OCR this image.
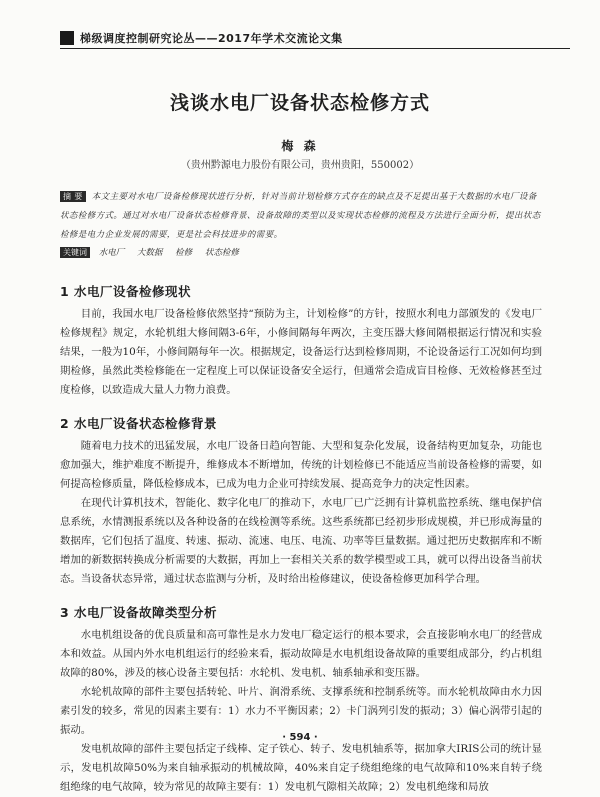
梯级调度控制研究论丛——2017年学术交流论文集
浅谈水电厂设备状态检修方式
梅 森
（贵州黔源电力股份有限公司，贵州贵阳，550002）
摘 要 本文主要对水电厂设备检修现状进行分析，针对当前计划检修方式存在的缺点及不足提出基于大数据的水电厂设备状态检修方式。通过对水电厂设备状态检修背景、设备故障的类型以及实现状态检修的流程及方法进行全面分析，提出状态检修是电力企业发展的需要，更是社会科技进步的需要。
关键词 水电厂 大数据 检修 状态检修
1 水电厂设备检修现状

目前，我国水电厂设备检修依然坚持“预防为主，计划检修”的方针，按照水利电力部颁发的《发电厂检修规程》规定，水轮机组大修间隔3-6年，小修间隔每年两次，主变压器大修间隔根据运行情况和实验结果，一般为10年，小修间隔每年一次。根据规定，设备运行达到检修周期，不论设备运行工况如何均到期检修，虽然此类检修能在一定程度上可以保证设备安全运行，但通常会造成盲目检修、无效检修甚至过度检修，以致造成大量人力物力浪费。

2 水电厂设备状态检修背景

随着电力技术的迅猛发展，水电厂设备日趋向智能、大型和复杂化发展，设备结构更加复杂，功能也愈加强大，维护难度不断提升，维修成本不断增加，传统的计划检修已不能适应当前设备检修的需要，如何提高检修质量，降低检修成本，已成为电力企业可持续发展、提高竞争力的决定性因素。

在现代计算机技术，智能化、数字化电厂的推动下，水电厂已广泛拥有计算机监控系统、继电保护信息系统，水情测报系统以及各种设备的在线检测等系统。这些系统都已经初步形成规模，并已形成海量的数据库，它们包括了温度、转速、振动、流速、电压、电流、功率等巨量数据。通过把历史数据库和不断增加的新数据转换成分析需要的大数据，再加上一套相关关系的数学模型或工具，就可以得出设备当前状态。当设备状态异常，通过状态监测与分析，及时给出检修建议，使设备检修更加科学合理。

3 水电厂设备故障类型分析

水电机组设备的优良质量和高可靠性是水力发电厂稳定运行的根本要求，会直接影响水电厂的经营成本和效益。从国内外水电机组运行的经验来看，振动故障是水电机组设备故障的重要组成部分，约占机组故障的80%，涉及的核心设备主要包括：水轮机、发电机、轴系轴承和变压器。

水轮机故障的部件主要包括转轮、叶片、润滑系统、支撑系统和控制系统等。而水轮机故障由水力因素引发的较多，常见的因素主要有：1）水力不平衡因素；2）卡门涡列引发的振动；3）偏心涡带引起的振动。

发电机故障的部件主要包括定子线棒、定子铁心、转子、发电机轴系等，据加拿大IRIS公司的统计显示，发电机故障50%为来自轴承振动的机械故障，40%来自定子绕组绝缘的电气故障和10%来自转子绕组绝缘的电气故障，较为常见的故障主要有：1）发电机气隙相关故障；2）发电机绝缘和局放

· 594 ·
